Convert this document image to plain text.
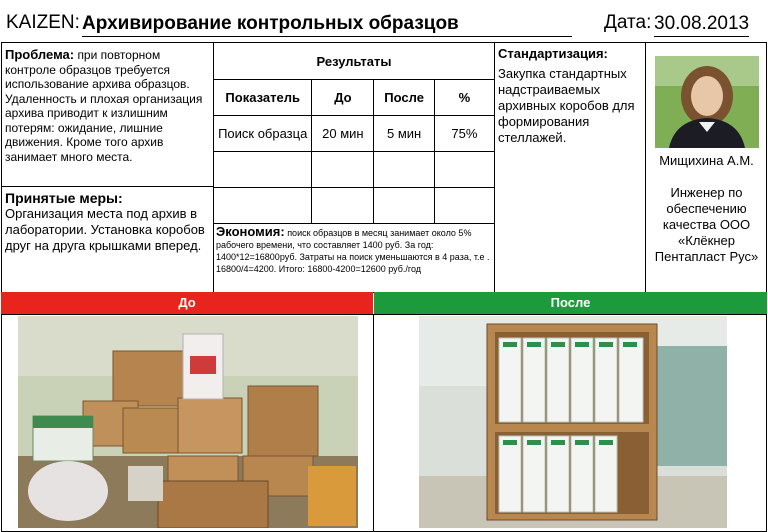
KAIZEN: Архивирование контрольных образцов	Дата: 30.08.2013
Проблема: при повторном контроле образцов требуется использование архива образцов. Удаленность и плохая организация архива приводит к излишним потерям: ожидание, лишние движения. Кроме того архив занимает много места.
Принятые меры:
Организация места под архив в лаборатории. Установка коробов друг на друга крышками вперед.
Результаты			
Показатель	До	После	%
Поиск образца	20 мин	5 мин	75%

Экономия: поиск образцов в месяц занимает около 5% рабочего времени, что составляет 1400 руб. За год: 1400*12=16800руб. Затраты на поиск уменьшаются в 4 раза, т.е . 16800/4=4200. Итого: 16800-4200=12600 руб./год
Стандартизация:
Закупка стандартных надстраиваемых архивных коробов для формирования стеллажей.
Мищихина А.М.
Инженер по обеспечению качества ООО «Клёкнер Пентапласт Рус»
До	После
